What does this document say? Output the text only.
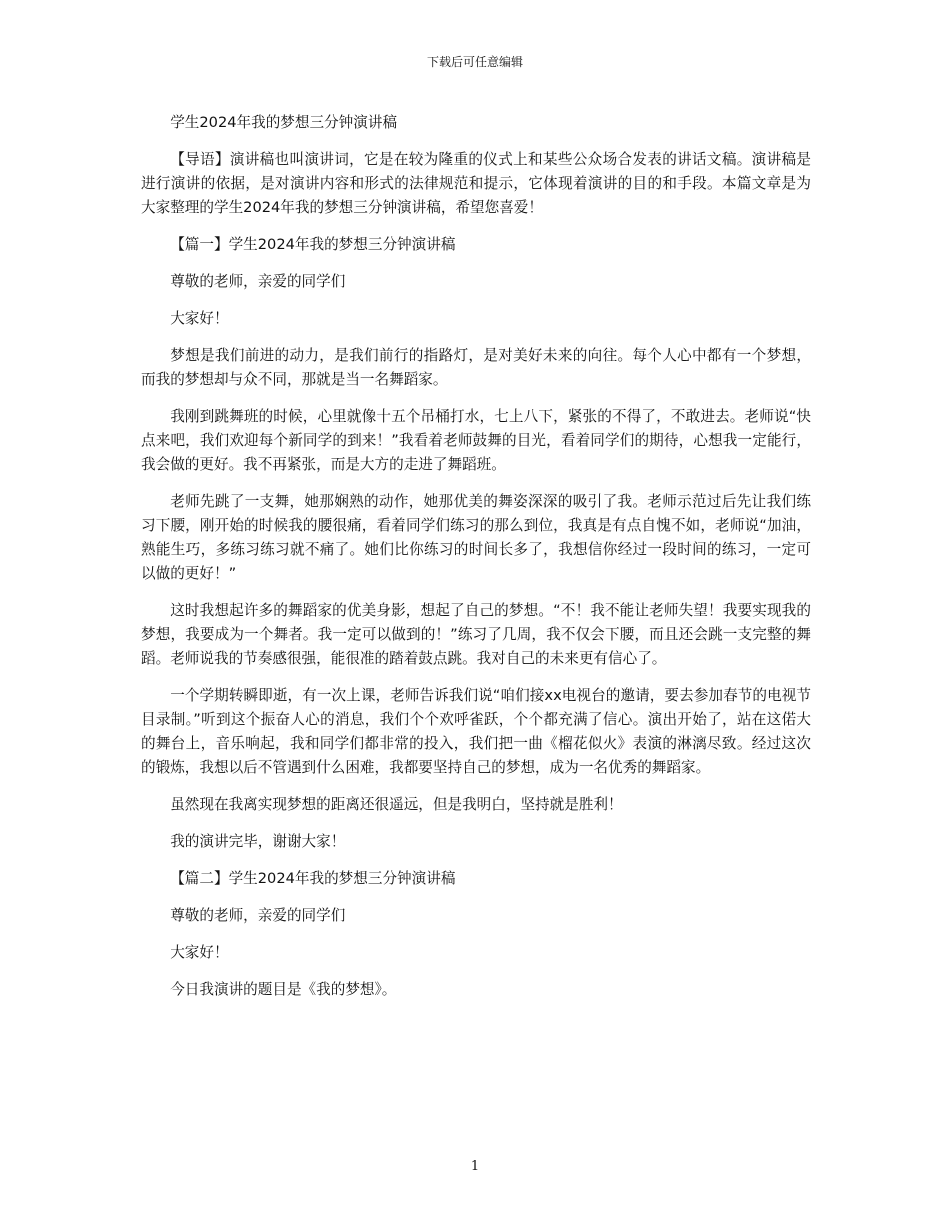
下载后可任意编辑

学生2024年我的梦想三分钟演讲稿

【导语】演讲稿也叫演讲词，它是在较为隆重的仪式上和某些公众场合发表的讲话文稿。演讲稿是进行演讲的依据，是对演讲内容和形式的法律规范和提示，它体现着演讲的目的和手段。本篇文章是为大家整理的学生2024年我的梦想三分钟演讲稿，希望您喜爱！

【篇一】学生2024年我的梦想三分钟演讲稿

尊敬的老师，亲爱的同学们

大家好！

梦想是我们前进的动力，是我们前行的指路灯，是对美好未来的向往。每个人心中都有一个梦想，而我的梦想却与众不同，那就是当一名舞蹈家。

我刚到跳舞班的时候，心里就像十五个吊桶打水，七上八下，紧张的不得了，不敢进去。老师说“快点来吧，我们欢迎每个新同学的到来！”我看着老师鼓舞的目光，看着同学们的期待，心想我一定能行，我会做的更好。我不再紧张，而是大方的走进了舞蹈班。

老师先跳了一支舞，她那娴熟的动作，她那优美的舞姿深深的吸引了我。老师示范过后先让我们练习下腰，刚开始的时候我的腰很痛，看着同学们练习的那么到位，我真是有点自愧不如，老师说“加油，熟能生巧，多练习练习就不痛了。她们比你练习的时间长多了，我想信你经过一段时间的练习，一定可以做的更好！”

这时我想起许多的舞蹈家的优美身影，想起了自己的梦想。“不！我不能让老师失望！我要实现我的梦想，我要成为一个舞者。我一定可以做到的！”练习了几周，我不仅会下腰，而且还会跳一支完整的舞蹈。老师说我的节奏感很强，能很准的踏着鼓点跳。我对自己的未来更有信心了。

一个学期转瞬即逝，有一次上课，老师告诉我们说“咱们接xx电视台的邀请，要去参加春节的电视节目录制。”听到这个振奋人心的消息，我们个个欢呼雀跃，个个都充满了信心。演出开始了，站在这偌大的舞台上，音乐响起，我和同学们都非常的投入，我们把一曲《榴花似火》表演的淋漓尽致。经过这次的锻炼，我想以后不管遇到什么困难，我都要坚持自己的梦想，成为一名优秀的舞蹈家。

虽然现在我离实现梦想的距离还很遥远，但是我明白，坚持就是胜利！

我的演讲完毕，谢谢大家！

【篇二】学生2024年我的梦想三分钟演讲稿

尊敬的老师，亲爱的同学们

大家好！

今日我演讲的题目是《我的梦想》。

1
